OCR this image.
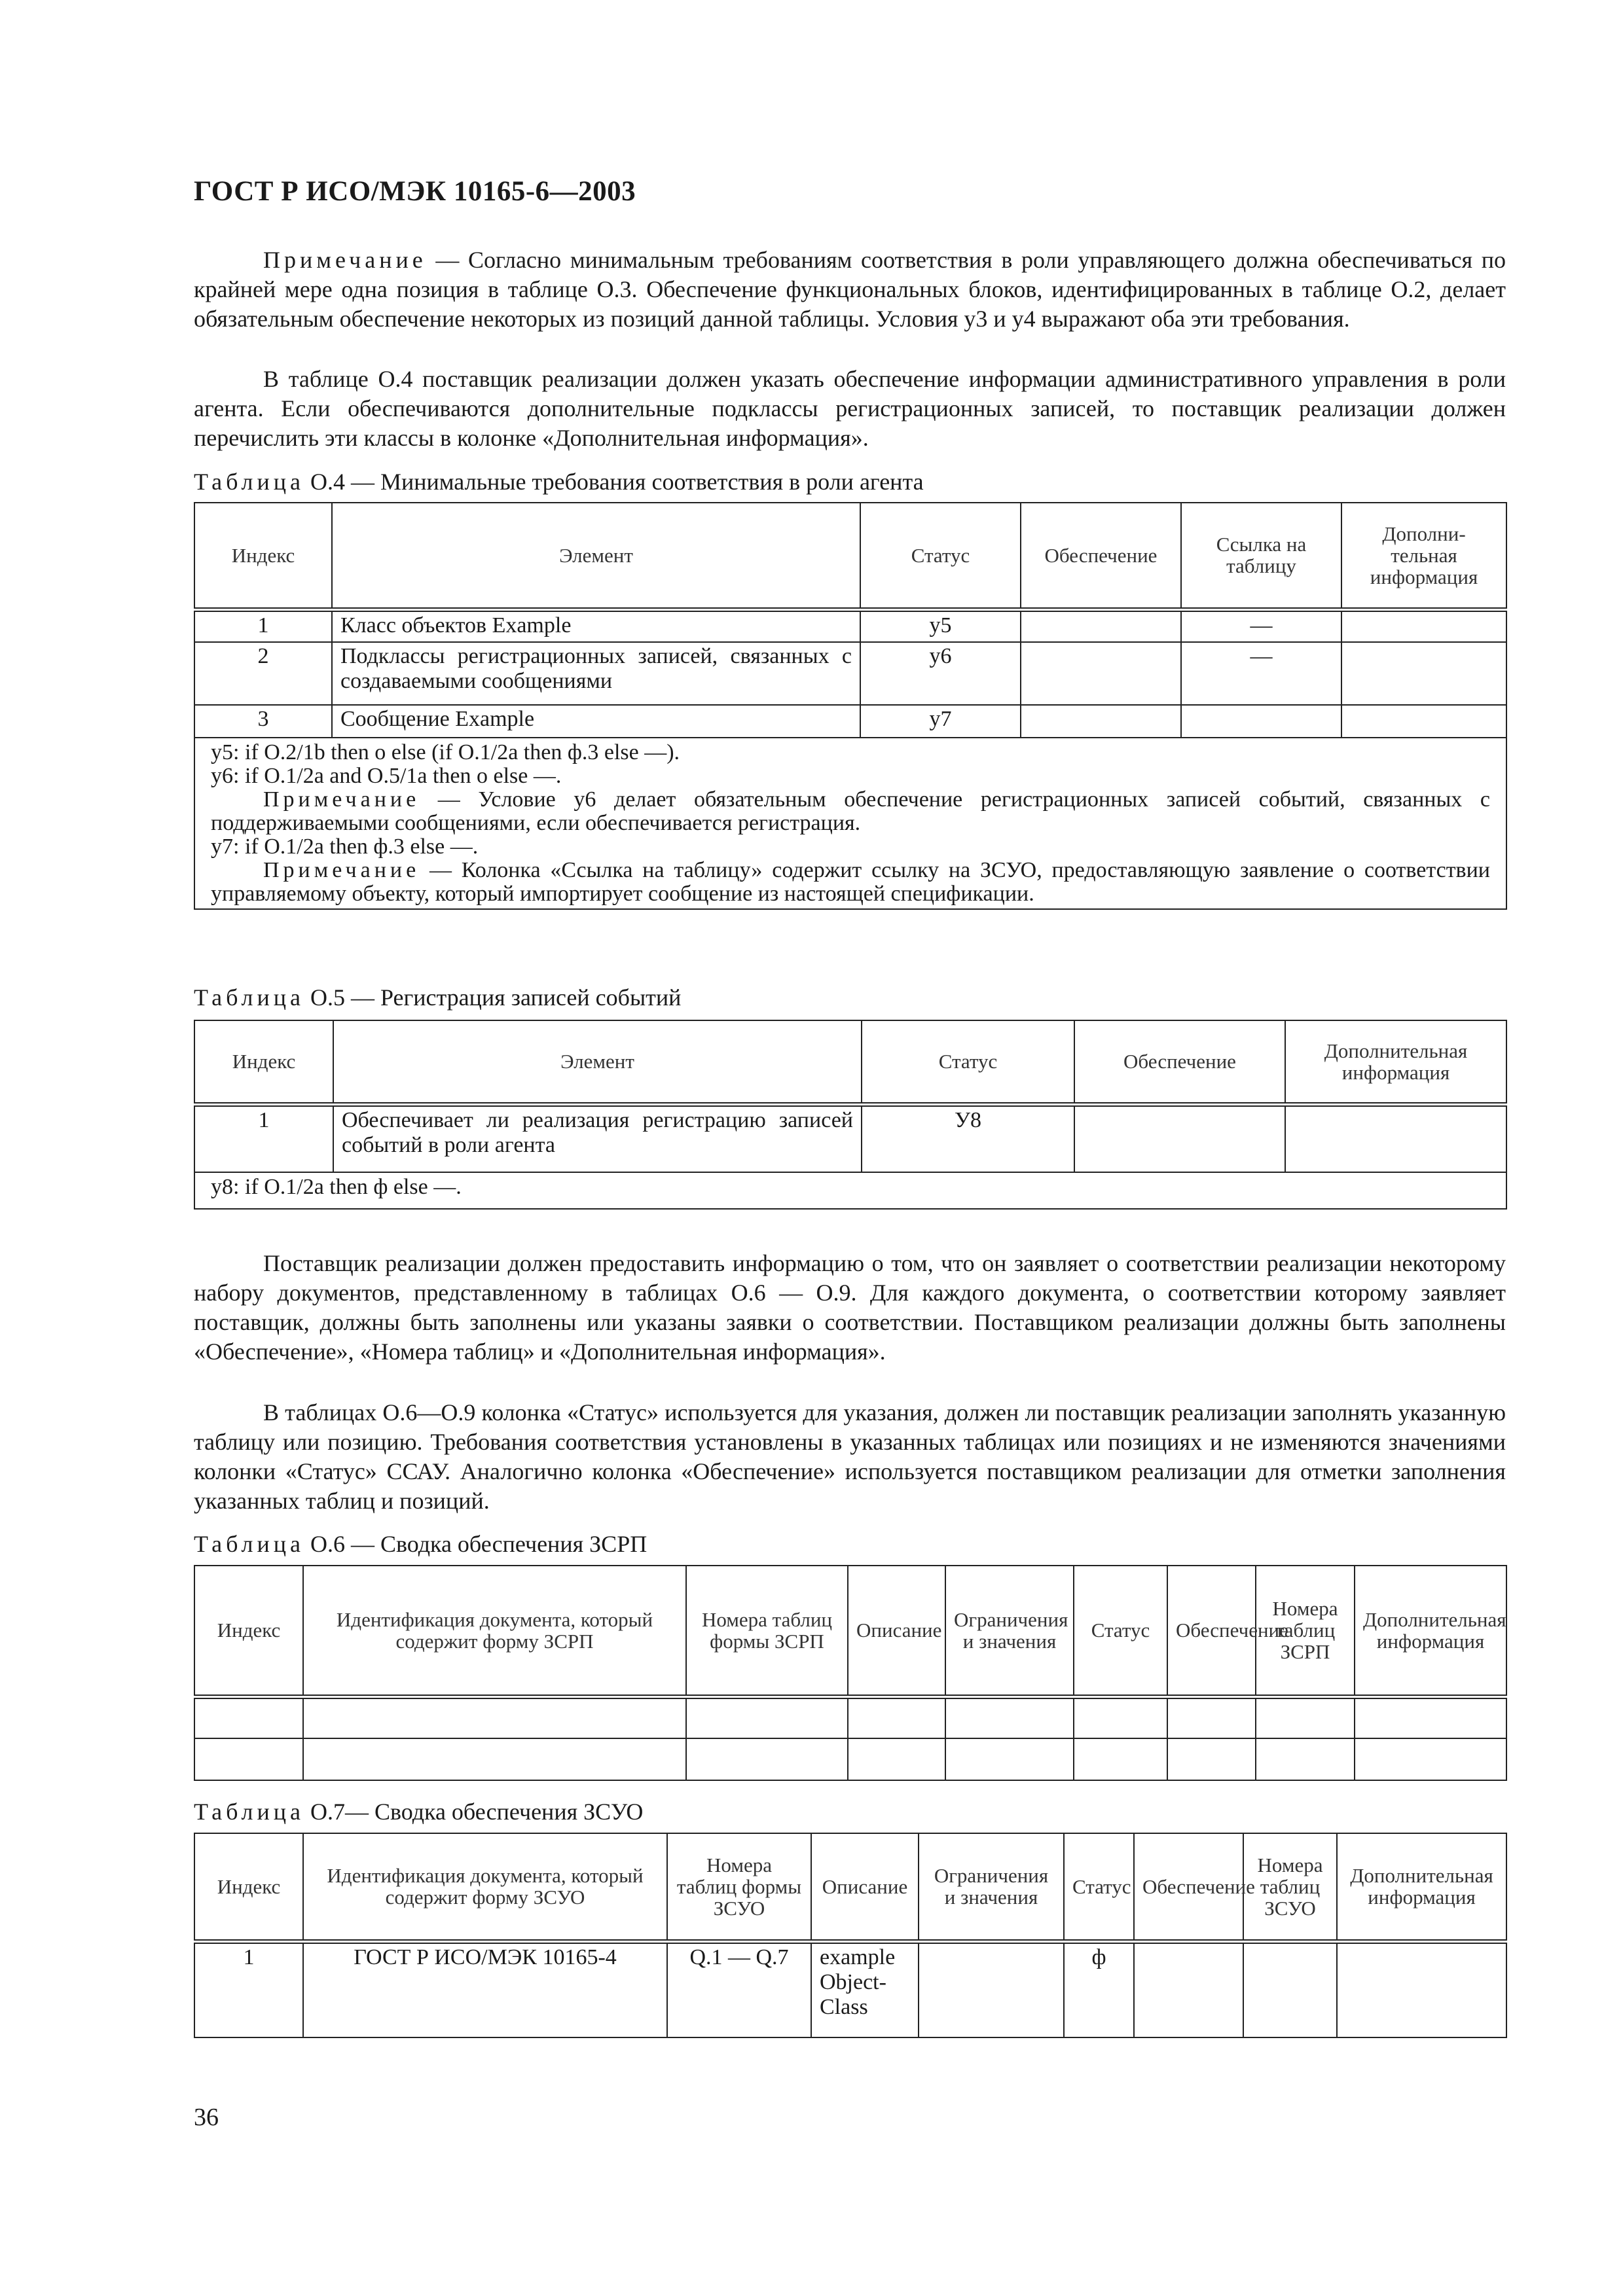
ГОСТ Р ИСО/МЭК 10165-6—2003
Примечание — Согласно минимальным требованиям соответствия в роли управляющего должна обеспечиваться по крайней мере одна позиция в таблице О.3. Обеспечение функциональных блоков, идентифицированных в таблице О.2, делает обязательным обеспечение некоторых из позиций данной таблицы. Условия у3 и у4 выражают оба эти требования.
В таблице О.4 поставщик реализации должен указать обеспечение информации административного управления в роли агента. Если обеспечиваются дополнительные подклассы регистрационных записей, то поставщик реализации должен перечислить эти классы в колонке «Дополнительная информация».
Таблица О.4 — Минимальные требования соответствия в роли агента
Индекс	Элемент	Статус	Обеспечение	Ссылка на таблицу	Дополни-тельная информация
1	Класс объектов Example	у5		—	
2	Подклассы регистрационных записей, связанных с создаваемыми сообщениями	у6		—	
3	Сообщение Example	у7			

у5: if O.2/1b then o else (if O.1/2a then ф.3 else —).
у6: if O.1/2a and O.5/1a then o else —.
Примечание — Условие у6 делает обязательным обеспечение регистрационных записей событий, связанных с поддерживаемыми сообщениями, если обеспечивается регистрация.
у7: if O.1/2a then ф.3 else —.
Примечание — Колонка «Ссылка на таблицу» содержит ссылку на ЗСУО, предоставляющую заявление о соответствии управляемому объекту, который импортирует сообщение из настоящей спецификации.					
Таблица О.5 — Регистрация записей событий
Индекс	Элемент	Статус	Обеспечение	Дополнительная информация
1	Обеспечивает ли реализация регистрацию записей событий в роли агента	У8		
у8: if O.1/2a then ф else —.				
Поставщик реализации должен предоставить информацию о том, что он заявляет о соответствии реализации некоторому набору документов, представленному в таблицах О.6 — О.9. Для каждого документа, о соответствии которому заявляет поставщик, должны быть заполнены или указаны заявки о соответствии. Поставщиком реализации должны быть заполнены «Обеспечение», «Номера таблиц» и «Дополнительная информация».
В таблицах О.6—О.9 колонка «Статус» используется для указания, должен ли поставщик реализации заполнять указанную таблицу или позицию. Требования соответствия установлены в указанных таблицах или позициях и не изменяются значениями колонки «Статус» ССАУ. Аналогично колонка «Обеспечение» используется поставщиком реализации для отметки заполнения указанных таблиц и позиций.
Таблица О.6 — Сводка обеспечения ЗСРП
Индекс	Идентификация документа, который содержит форму ЗСРП	Номера таблиц формы ЗСРП	Описание	Ограничения и значения	Статус	Обеспечение	Номера таблиц ЗСРП	Дополнительная информация

Таблица О.7— Сводка обеспечения ЗСУО
Индекс	Идентификация документа, который содержит форму ЗСУО	Номера таблиц формы ЗСУО	Описание	Ограничения и значения	Статус	Обеспечение	Номера таблиц ЗСУО	Дополнительная информация
1	ГОСТ Р ИСО/МЭК 10165-4	Q.1 — Q.7	example Object-Class		ф			
36
